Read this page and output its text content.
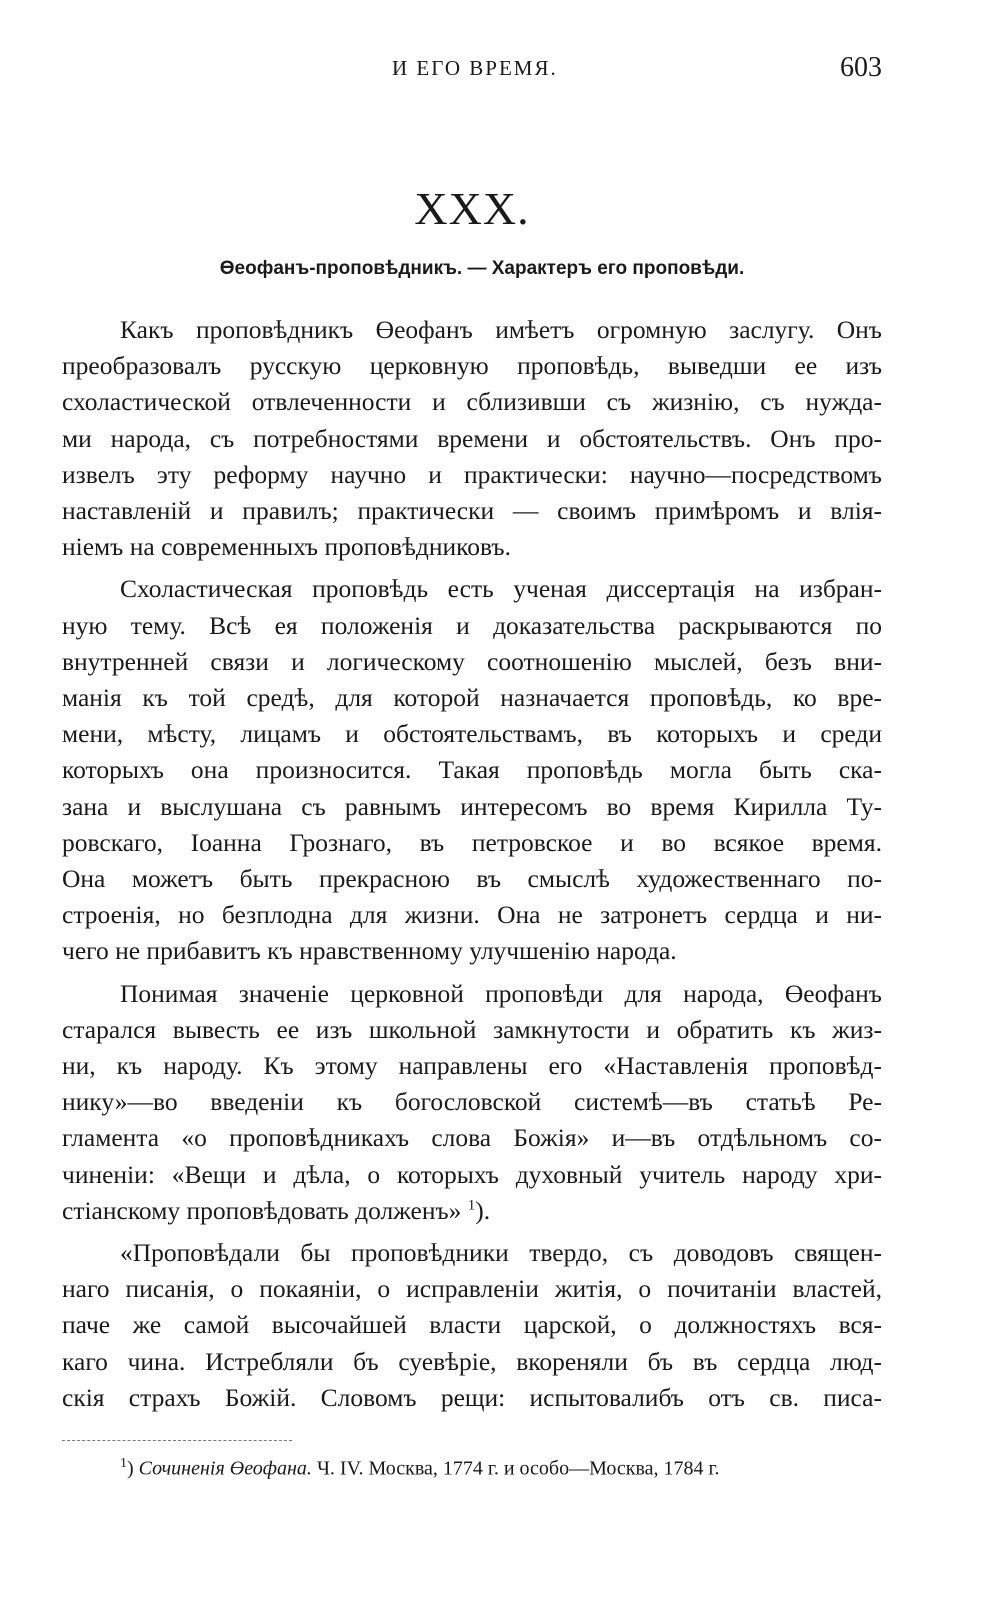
И ЕГО ВРЕМЯ.	603
XXX.
Өеофанъ-проповѣдникъ. — Характеръ его проповѣди.

Какъ проповѣдникъ Өеофанъ имѣетъ огромную заслугу. Онъ
преобразовалъ русскую церковную проповѣдь, выведши ее изъ
схоластической отвлеченности и сблизивши съ жизнію, съ нужда-
ми народа, съ потребностями времени и обстоятельствъ. Онъ про-
извелъ эту реформу научно и практически: научно—посредствомъ
наставленій и правилъ; практически — своимъ примѣромъ и влія-
ніемъ на современныхъ проповѣдниковъ.

Схоластическая проповѣдь есть ученая диссертація на избран-
ную тему. Всѣ ея положенія и доказательства раскрываются по
внутренней связи и логическому соотношенію мыслей, безъ вни-
манія къ той средѣ, для которой назначается проповѣдь, ко вре-
мени, мѣсту, лицамъ и обстоятельствамъ, въ которыхъ и среди
которыхъ она произносится. Такая проповѣдь могла быть ска-
зана и выслушана съ равнымъ интересомъ во время Кирилла Ту-
ровскаго, Іоанна Грознаго, въ петровское и во всякое время.
Она можетъ быть прекрасною въ смыслѣ художественнаго по-
строенія, но безплодна для жизни. Она не затронетъ сердца и ни-
чего не прибавитъ къ нравственному улучшенію народа.

Понимая значеніе церковной проповѣди для народа, Өеофанъ
старался вывесть ее изъ школьной замкнутости и обратить къ жиз-
ни, къ народу. Къ этому направлены его «Наставленія проповѣд-
нику»—во введеніи къ богословской системѣ—въ статьѣ Ре-
гламента «о проповѣдникахъ слова Божія» и—въ отдѣльномъ со-
чиненіи: «Вещи и дѣла, о которыхъ духовный учитель народу хри-
стіанскому проповѣдовать долженъ» $^1$).

«Проповѣдали бы проповѣдники твердо, съ доводовъ священ-
наго писанія, о покаяніи, о исправленіи житія, о почитаніи властей,
паче же самой высочайшей власти царской, о должностяхъ вся-
каго чина. Истребляли бъ суевѣріе, вкореняли бъ въ сердца люд-
скія страхъ Божій. Словомъ рещи: испытовалибъ отъ св. писа-

$^1$) Сочиненія Өеофана. Ч. IV. Москва, 1774 г. и особо—Москва, 1784 г.
